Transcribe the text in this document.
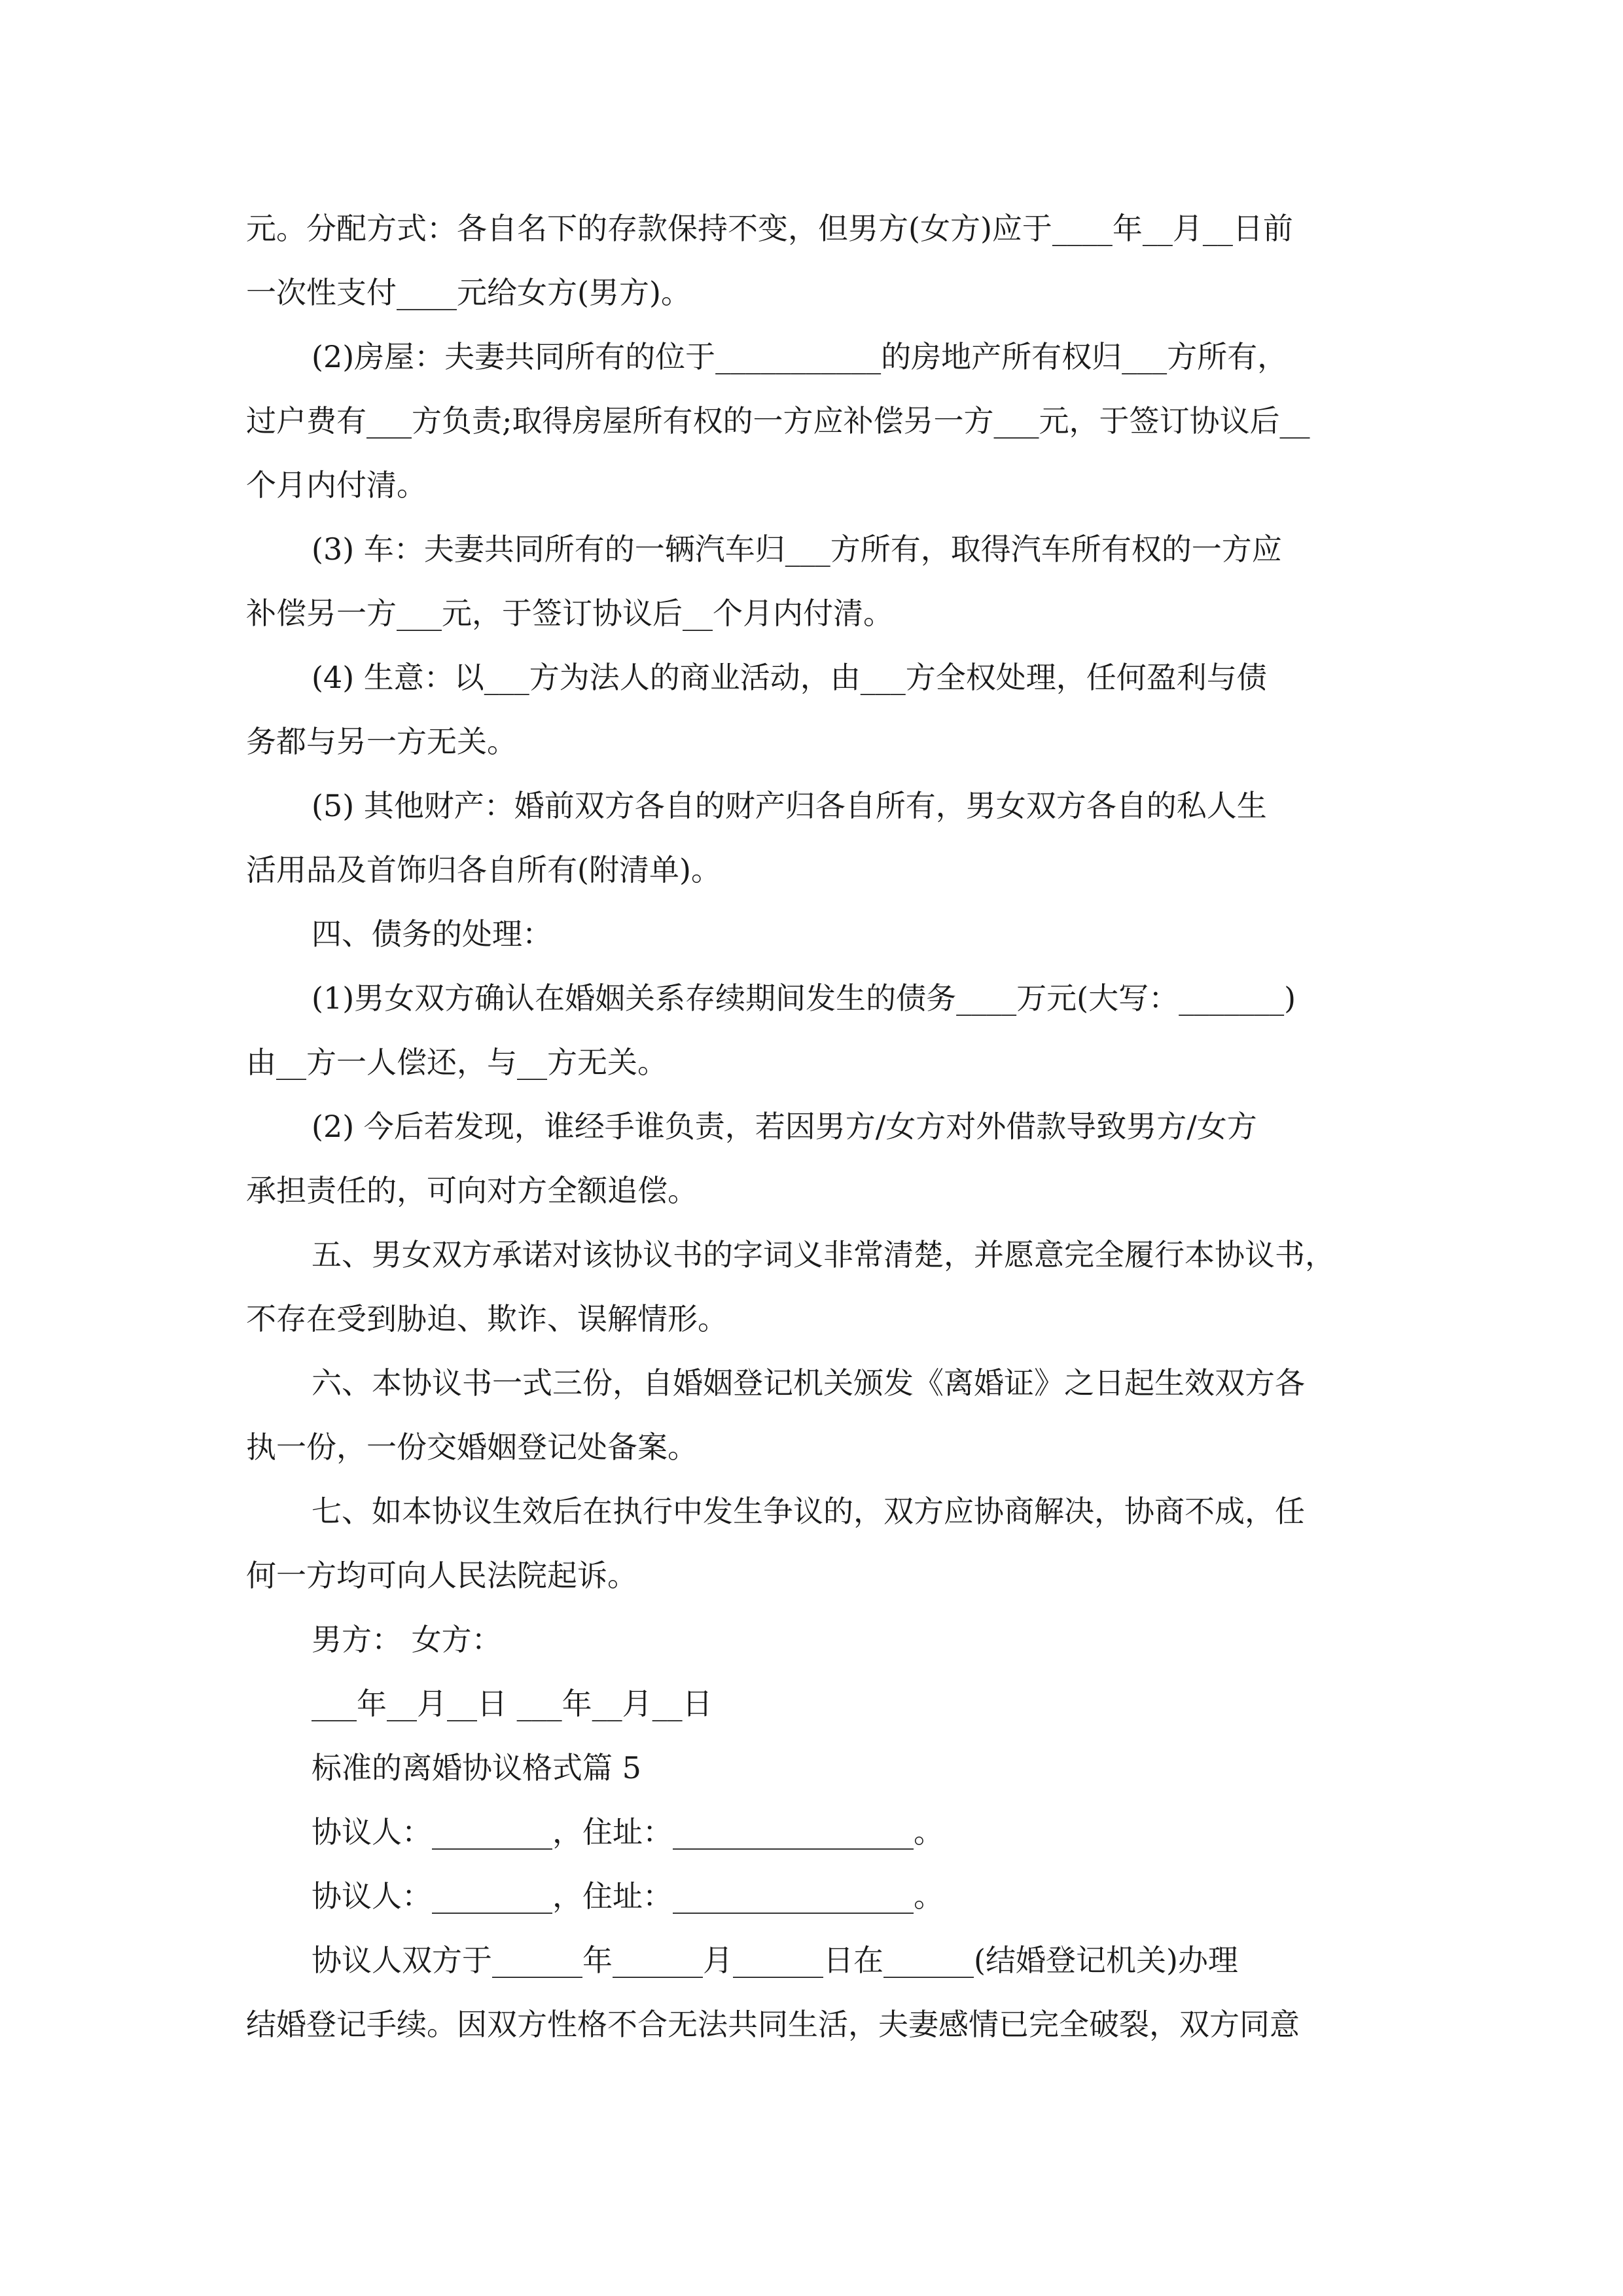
元。分配方式：各自名下的存款保持不变，但男方(女方)应于____年__月__日前
一次性支付____元给女方(男方)。
(2)房屋：夫妻共同所有的位于___________的房地产所有权归___方所有，
过户费有___方负责;取得房屋所有权的一方应补偿另一方___元，于签订协议后__
个月内付清。
(3) 车：夫妻共同所有的一辆汽车归___方所有，取得汽车所有权的一方应
补偿另一方___元，于签订协议后__个月内付清。
(4) 生意：以___方为法人的商业活动，由___方全权处理，任何盈利与债
务都与另一方无关。
(5) 其他财产：婚前双方各自的财产归各自所有，男女双方各自的私人生
活用品及首饰归各自所有(附清单)。
四、债务的处理：
(1)男女双方确认在婚姻关系存续期间发生的债务____万元(大写：_______)
由__方一人偿还，与__方无关。
(2) 今后若发现，谁经手谁负责，若因男方/女方对外借款导致男方/女方
承担责任的，可向对方全额追偿。
五、男女双方承诺对该协议书的字词义非常清楚，并愿意完全履行本协议书，
不存在受到胁迫、欺诈、误解情形。
六、本协议书一式三份，自婚姻登记机关颁发《离婚证》之日起生效双方各
执一份，一份交婚姻登记处备案。
七、如本协议生效后在执行中发生争议的，双方应协商解决，协商不成，任
何一方均可向人民法院起诉。
男方： 女方：
___年__月__日 ___年__月__日
标准的离婚协议格式篇 5
协议人：________，住址：________________。
协议人：________，住址：________________。
协议人双方于______年______月______日在______(结婚登记机关)办理
结婚登记手续。因双方性格不合无法共同生活，夫妻感情已完全破裂，双方同意
